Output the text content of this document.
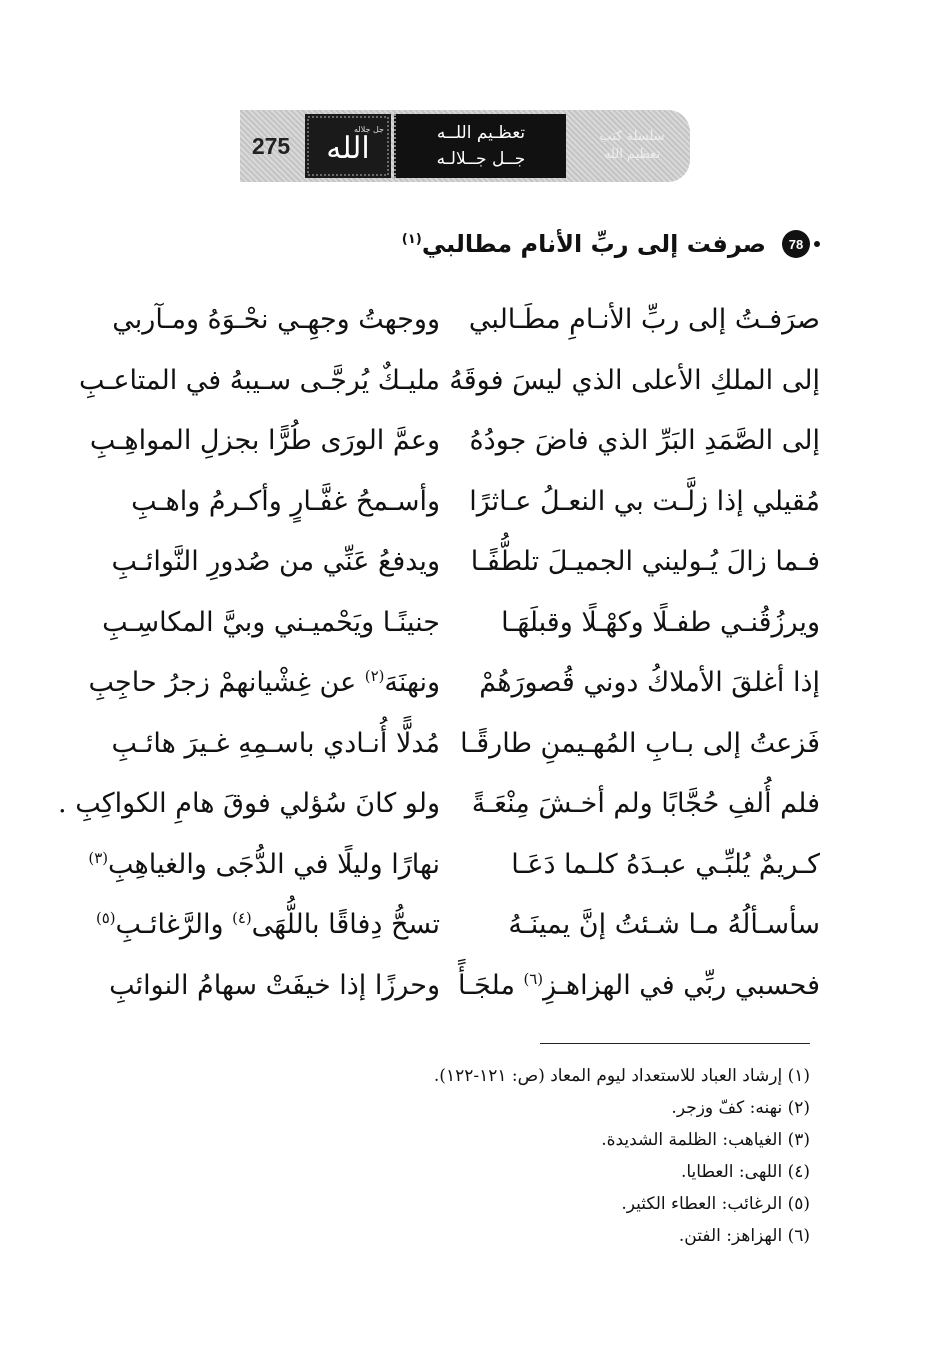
275	الله
جل جلاله	تعظـيم اللــه
جــل جــلالـه
سلسلة كتب
تعظيم الله
78
صرفت إلى ربِّ الأنام مطالبي$^{(١)}$
صرَفـتُ إلى ربِّ الأنـامِ مطَـالبي
ووجهتُ وجهِـي نحْـوَهُ ومـآربي
إلى الملكِ الأعلى الذي ليسَ فوقَهُ
مليـكٌ يُرجَّـى سـيبهُ في المتاعـبِ
إلى الصَّمَدِ البَرِّ الذي فاضَ جودُهُ
وعمَّ الورَى طُرًّا بجزلِ المواهِـبِ
مُقيلي إذا زلَّـت بي النعـلُ عـاثرًا
وأسـمحُ غفَّـارٍ وأكـرمُ واهـبِ
فـما زالَ يُـوليني الجميـلَ تلطُّفًـا
ويدفعُ عَنِّي من صُدورِ النَّوائـبِ
ويرزُقُنـي طفـلًا وكهْـلًا وقبلَهَـا
جنينًـا ويَحْميـني وبيَّ المكاسِـبِ
إذا أغلقَ الأملاكُ دوني قُصورَهُمْ
ونهنَهَ$^{(٢)}$ عن غِشْيانهمْ زجرُ حاجِبِ
فَزعتُ إلى بـابِ المُهـيمنِ طارقًـا
مُدلًّا أُنـادي باسـمِهِ غـيرَ هائـبِ
فلم أُلفِ حُجَّابًا ولم أخـشَ مِنْعَـةً
ولو كانَ سُؤلي فوقَ هامِ الكواكِبِ .
كـريمٌ يُلبِّـي عبـدَهُ كلـما دَعَـا
نهارًا وليلًا في الدُّجَى والغياهِبِ$^{(٣)}$
سأسـألُهُ مـا شـئتُ إنَّ يمينَـهُ
تسحُّ دِفاقًا باللُّهَى$^{(٤)}$ والرَّغائـبِ$^{(٥)}$
فحسبي ربِّي في الهزاهـزِ$^{(٦)}$ ملجَـأً
وحرزًا إذا خيفَتْ سهامُ النوائبِ
(١) إرشاد العباد للاستعداد ليوم المعاد (ص: ١٢١-١٢٢).
(٢) نهنه: كفّ وزجر.
(٣) الغياهب: الظلمة الشديدة.
(٤) اللهى: العطايا.
(٥) الرغائب: العطاء الكثير.
(٦) الهزاهز: الفتن.
